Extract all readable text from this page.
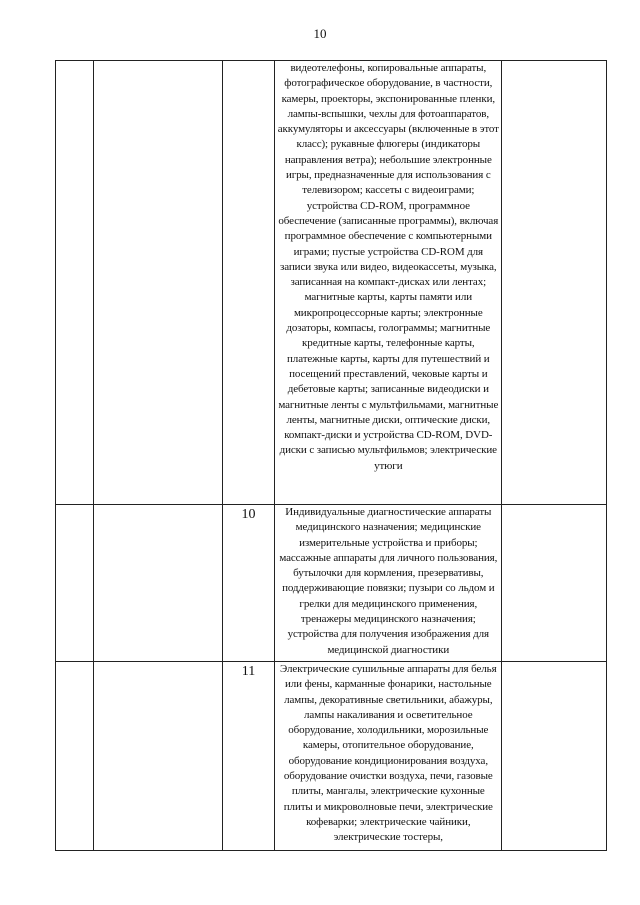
10
			видеотелефоны, копировальные аппараты, фотографическое оборудование, в частности, камеры, проекторы, экспонированные пленки, лампы-вспышки, чехлы для фотоаппаратов, аккумуляторы и аксессуары (включенные в этот класс); рукавные флюгеры (индикаторы направления ветра); небольшие электронные игры, предназначенные для использования с телевизором; кассеты с видеоиграми; устройства CD-ROM, программное обеспечение (записанные программы), включая программное обеспечение с компьютерными играми; пустые устройства CD-ROM для записи звука или видео, видеокассеты, музыка, записанная на компакт-дисках или лентах; магнитные карты, карты памяти или микропроцессорные карты; электронные дозаторы, компасы, голограммы; магнитные кредитные карты, телефонные карты, платежные карты, карты для путешествий и посещений преставлений, чековые карты и дебетовые карты; записанные видеодиски и магнитные ленты с мультфильмами, магнитные ленты, магнитные диски, оптические диски, компакт-диски и устройства CD-ROM, DVD-диски с записью мультфильмов; электрические утюги	
		10	Индивидуальные диагностические аппараты медицинского назначения; медицинские измерительные устройства и приборы; массажные аппараты для личного пользования, бутылочки для кормления, презервативы, поддерживающие повязки; пузыри со льдом и грелки для медицинского применения, тренажеры медицинского назначения; устройства для получения изображения для медицинской диагностики	
		11	Электрические сушильные аппараты для белья или фены, карманные фонарики, настольные лампы, декоративные светильники, абажуры, лампы накаливания и осветительное оборудование, холодильники, морозильные камеры, отопительное оборудование, оборудование кондиционирования воздуха, оборудование очистки воздуха, печи, газовые плиты, мангалы, электрические кухонные плиты и микроволновые печи, электрические кофеварки; электрические чайники, электрические тостеры,	
